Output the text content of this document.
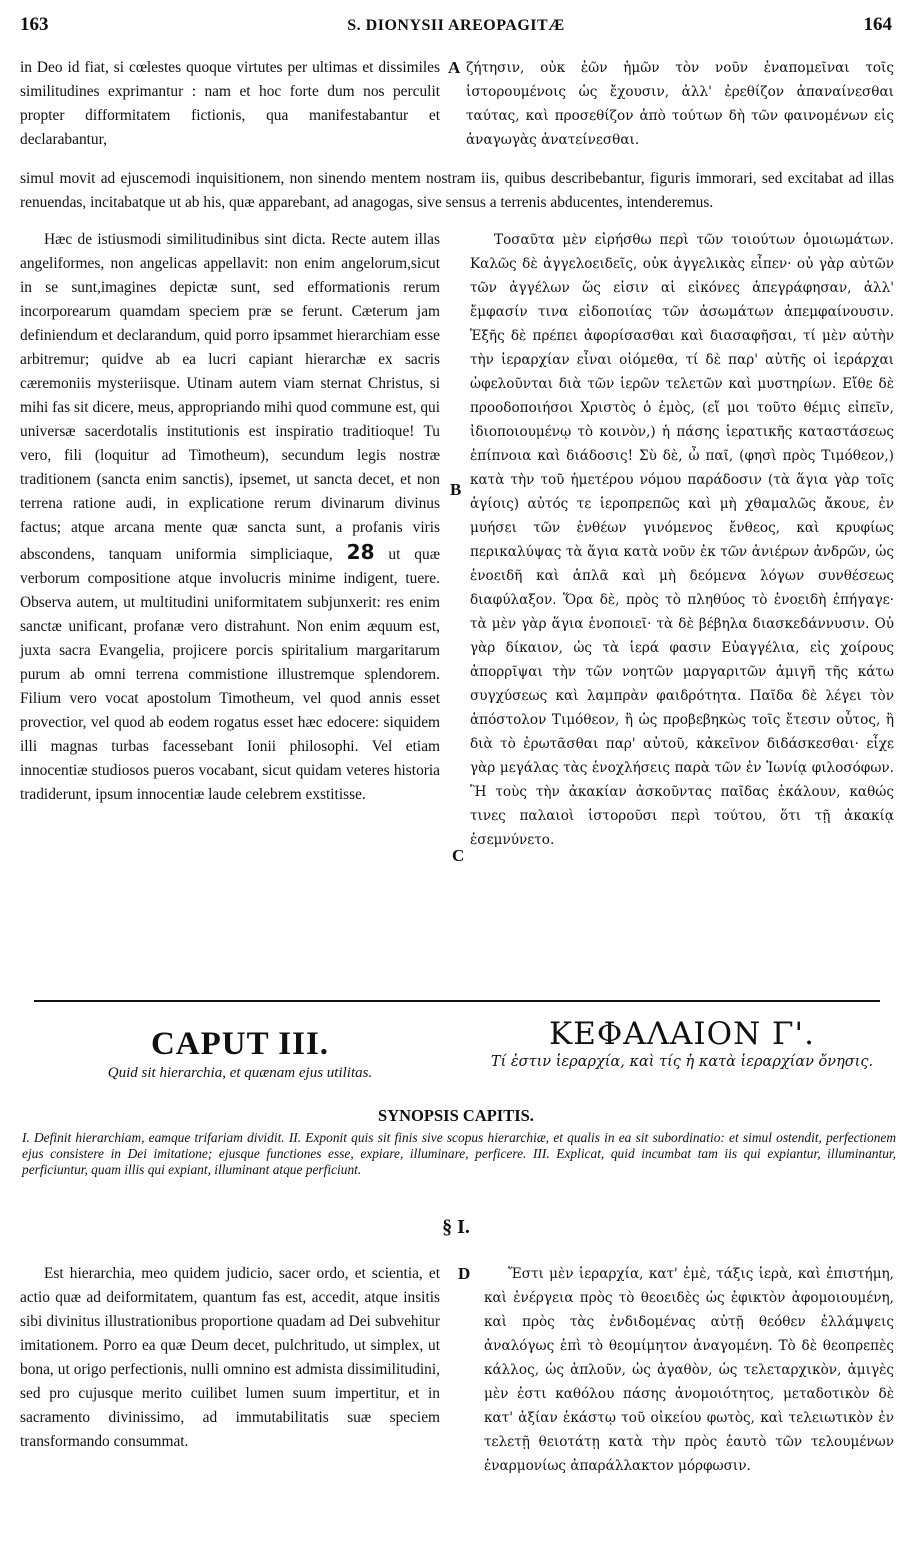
163	S. DIONYSII AREOPAGITÆ	164

in Deo id fiat, si cœlestes quoque virtutes per ultimas et dissimiles similitudines exprimantur : nam et hoc forte dum nos perculit propter difformitatem fictionis, qua manifestabantur et declarabantur,

A ζήτησιν, οὐκ ἐῶν ἡμῶν τὸν νοῦν ἐναπομεῖναι τοῖς ἱστορουμένοις ὡς ἔχουσιν, ἀλλ' ἐρεθίζον ἀπαναίνεσθαι ταύτας, καὶ προσεθίζον ἀπὸ τούτων δὴ τῶν φαινομένων εἰς ἀναγωγὰς ἀνατείνεσθαι.

simul movit ad ejuscemodi inquisitionem, non sinendo mentem nostram iis, quibus describebantur, figuris immorari, sed excitabat ad illas renuendas, incitabatque ut ab his, quæ apparebant, ad anagogas, sive sensus a terrenis abducentes, intenderemus.

Hæc de istiusmodi similitudinibus sint dicta. Recte autem illas angeliformes, non angelicas appellavit: non enim angelorum,sicut in se sunt,imagines depictæ sunt, sed efformationis rerum incorporearum quamdam speciem præ se ferunt. Cæterum jam definiendum et declarandum, quid porro ipsammet hierarchiam esse arbitremur; quidve ab ea lucri capiant hierarchæ ex sacris cæremoniis mysteriisque. Utinam autem viam sternat Christus, si mihi fas sit dicere, meus, appropriando mihi quod commune est, qui universæ sacerdotalis institutionis est inspiratio traditioque! Tu vero, fili (loquitur ad Timotheum), secundum legis nostræ traditionem (sancta enim sanctis), ipsemet, ut sancta decet, et non terrena ratione audi, in explicatione rerum divinarum divinus factus; atque arcana mente quæ sancta sunt, a profanis viris abscondens, tanquam uniformia simpliciaque, 28 ut quæ verborum compositione atque involucris minime indigent, tuere. Observa autem, ut multitudini uniformitatem subjunxerit: res enim sanctæ unificant, profanæ vero distrahunt. Non enim æquum est, juxta sacra Evangelia, projicere porcis spiritalium margaritarum purum ab omni terrena commistione illustremque splendorem. Filium vero vocat apostolum Timotheum, vel quod annis esset provectior, vel quod ab eodem rogatus esset hæc edocere: siquidem illi magnas turbas facessebant Ionii philosophi. Vel etiam innocentiæ studiosos pueros vocabant, sicut quidam veteres historia tradiderunt, ipsum innocentiæ laude celebrem exstitisse.

B
C

Τοσαῦτα μὲν εἰρήσθω περὶ τῶν τοιούτων ὁμοιωμάτων. Καλῶς δὲ ἀγγελοειδεῖς, οὐκ ἀγγελικὰς εἶπεν· οὐ γὰρ αὐτῶν τῶν ἀγγέλων ὥς εἰσιν αἱ εἰκόνες ἀπεγράφησαν, ἀλλ' ἔμφασίν τινα εἰδοποιίας τῶν ἀσωμάτων ἀπεμφαίνουσιν. Ἑξῆς δὲ πρέπει ἀφορίσασθαι καὶ διασαφῆσαι, τί μὲν αὐτὴν τὴν ἱεραρχίαν εἶναι οἰόμεθα, τί δὲ παρ' αὐτῆς οἱ ἱεράρχαι ὠφελοῦνται διὰ τῶν ἱερῶν τελετῶν καὶ μυστηρίων. Εἴθε δὲ προοδοποιήσοι Χριστὸς ὁ ἐμὸς, (εἴ μοι τοῦτο θέμις εἰπεῖν, ἰδιοποιουμένῳ τὸ κοινὸν,) ἡ πάσης ἱερατικῆς καταστάσεως ἐπίπνοια καὶ διάδοσις! Σὺ δὲ, ὦ παῖ, (φησὶ πρὸς Τιμόθεον,) κατὰ τὴν τοῦ ἡμετέρου νόμου παράδοσιν (τὰ ἅγια γὰρ τοῖς ἁγίοις) αὐτός τε ἱεροπρεπῶς καὶ μὴ χθαμαλῶς ἄκουε, ἐν μυήσει τῶν ἐνθέων γινόμενος ἔνθεος, καὶ κρυφίως περικαλύψας τὰ ἅγια κατὰ νοῦν ἐκ τῶν ἀνιέρων ἀνδρῶν, ὡς ἑνοειδῆ καὶ ἁπλᾶ καὶ μὴ δεόμενα λόγων συνθέσεως διαφύλαξον. Ὅρα δὲ, πρὸς τὸ πληθύος τὸ ἑνοειδὴ ἐπήγαγε· τὰ μὲν γὰρ ἅγια ἑνοποιεῖ· τὰ δὲ βέβηλα διασκεδάννυσιν. Οὐ γὰρ δίκαιον, ὡς τὰ ἱερά φασιν Εὐαγγέλια, εἰς χοίρους ἀπορρῖψαι τὴν τῶν νοητῶν μαργαριτῶν ἀμιγῆ τῆς κάτω συγχύσεως καὶ λαμπρὰν φαιδρότητα. Παῖδα δὲ λέγει τὸν ἀπόστολον Τιμόθεον, ἢ ὡς προβεβηκὼς τοῖς ἔτεσιν οὗτος, ἢ διὰ τὸ ἐρωτᾶσθαι παρ' αὐτοῦ, κἀκεῖνον διδάσκεσθαι· εἶχε γὰρ μεγάλας τὰς ἐνοχλήσεις παρὰ τῶν ἐν Ἰωνίᾳ φιλοσόφων. Ἢ τοὺς τὴν ἀκακίαν ἀσκοῦντας παῖδας ἐκάλουν, καθώς τινες παλαιοὶ ἱστοροῦσι περὶ τούτου, ὅτι τῇ ἀκακίᾳ ἐσεμνύνετο.

CAPUT III.
Quid sit hierarchia, et quænam ejus utilitas.
ΚΕΦΑΛΑΙΟΝ Γ'.
Τί ἐστιν ἱεραρχία, καὶ τίς ἡ κατὰ ἱεραρχίαν ὄνησις.
SYNOPSIS CAPITIS.
I. Definit hierarchiam, eamque trifariam dividit. II. Exponit quis sit finis sive scopus hierarchiæ, et qualis in ea sit subordinatio: et simul ostendit, perfectionem ejus consistere in Dei imitatione; ejusque functiones esse, expiare, illuminare, perficere. III. Explicat, quid incumbat tam iis qui expiantur, illuminantur, perficiuntur, quam illis qui expiant, illuminant atque perficiunt.
§ I.

Est hierarchia, meo quidem judicio, sacer ordo, et scientia, et actio quæ ad deiformitatem, quantum fas est, accedit, atque insitis sibi divinitus illustrationibus proportione quadam ad Dei subvehitur imitationem. Porro ea quæ Deum decet, pulchritudo, ut simplex, ut bona, ut origo perfectionis, nulli omnino est admista dissimilitudini, sed pro cujusque merito cuilibet lumen suum impertitur, et in sacramento divinissimo, ad immutabilitatis suæ speciem transformando consummat.

D	Ἔστι μὲν ἱεραρχία, κατ' ἐμὲ, τάξις ἱερὰ, καὶ ἐπιστήμη, καὶ ἐνέργεια πρὸς τὸ θεοειδὲς ὡς ἐφικτὸν ἀφομοιουμένη, καὶ πρὸς τὰς ἐνδιδομένας αὐτῇ θεόθεν ἐλλάμψεις ἀναλόγως ἐπὶ τὸ θεομίμητον ἀναγομένη. Τὸ δὲ θεοπρεπὲς κάλλος, ὡς ἁπλοῦν, ὡς ἀγαθὸν, ὡς τελεταρχικὸν, ἀμιγὲς μὲν ἐστι καθόλου πάσης ἀνομοιότητος, μεταδοτικὸν δὲ κατ' ἀξίαν ἑκάστῳ τοῦ οἰκείου φωτὸς, καὶ τελειωτικὸν ἐν τελετῇ θειοτάτῃ κατὰ τὴν πρὸς ἑαυτὸ τῶν τελουμένων ἐναρμονίως ἀπαράλλακτον μόρφωσιν.
